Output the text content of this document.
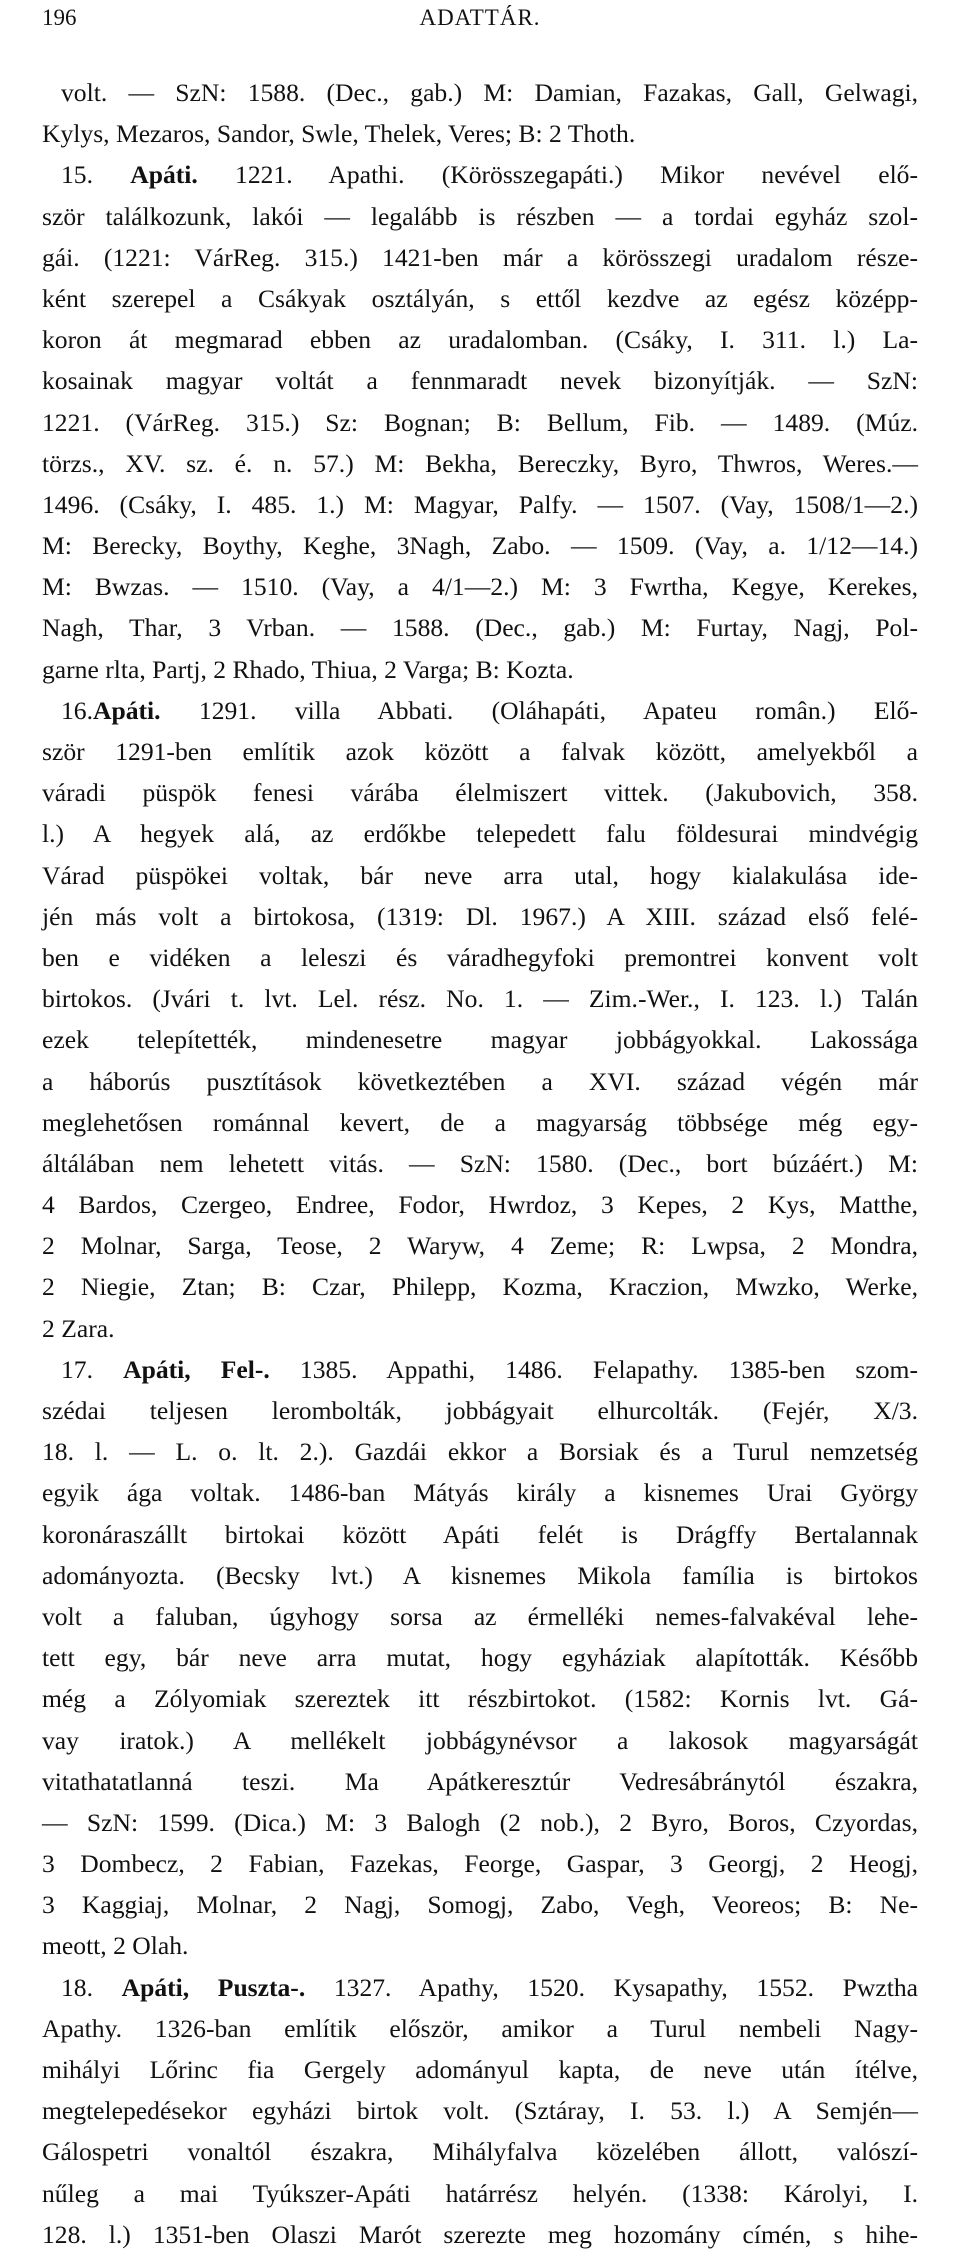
196	ADATTÁR.
volt. — SzN: 1588. (Dec., gab.) M: Damian, Fazakas, Gall, Gelwagi,
Kylys, Mezaros, Sandor, Swle, Thelek, Veres; B: 2 Thoth.
15. Apáti. 1221. Apathi. (Körösszegapáti.) Mikor nevével elő-
ször találkozunk, lakói — legalább is részben — a tordai egyház szol-
gái. (1221: VárReg. 315.) 1421-ben már a körösszegi uradalom része-
ként szerepel a Csákyak osztályán, s ettől kezdve az egész középp-
koron át megmarad ebben az uradalomban. (Csáky, I. 311. l.) La-
kosainak magyar voltát a fennmaradt nevek bizonyítják. — SzN:
1221. (VárReg. 315.) Sz: Bognan; B: Bellum, Fib. — 1489. (Múz.
törzs., XV. sz. é. n. 57.) M: Bekha, Bereczky, Byro, Thwros, Weres.—
1496. (Csáky, I. 485. 1.) M: Magyar, Palfy. — 1507. (Vay, 1508/1—2.)
M: Berecky, Boythy, Keghe, 3Nagh, Zabo. — 1509. (Vay, a. 1/12—14.)
M: Bwzas. — 1510. (Vay, a 4/1—2.) M: 3 Fwrtha, Kegye, Kerekes,
Nagh, Thar, 3 Vrban. — 1588. (Dec., gab.) M: Furtay, Nagj, Pol-
garne rlta, Partj, 2 Rhado, Thiua, 2 Varga; B: Kozta.
16.Apáti. 1291. villa Abbati. (Oláhapáti, Apateu român.) Elő-
ször 1291-ben említik azok között a falvak között, amelyekből a
váradi püspök fenesi várába élelmiszert vittek. (Jakubovich, 358.
l.) A hegyek alá, az erdőkbe telepedett falu földesurai mindvégig
Várad püspökei voltak, bár neve arra utal, hogy kialakulása ide-
jén más volt a birtokosa, (1319: Dl. 1967.) A XIII. század első felé-
ben e vidéken a leleszi és váradhegyfoki premontrei konvent volt
birtokos. (Jvári t. lvt. Lel. rész. No. 1. — Zim.-Wer., I. 123. l.) Talán
ezek telepítették, mindenesetre magyar jobbágyokkal. Lakossága
a háborús pusztítások következtében a XVI. század végén már
meglehetősen románnal kevert, de a magyarság többsége még egy-
áltálában nem lehetett vitás. — SzN: 1580. (Dec., bort búzáért.) M:
4 Bardos, Czergeo, Endree, Fodor, Hwrdoz, 3 Kepes, 2 Kys, Matthe,
2 Molnar, Sarga, Teose, 2 Waryw, 4 Zeme; R: Lwpsa, 2 Mondra,
2 Niegie, Ztan; B: Czar, Philepp, Kozma, Kraczion, Mwzko, Werke,
2 Zara.
17. Apáti, Fel-. 1385. Appathi, 1486. Felapathy. 1385-ben szom-
szédai teljesen lerombolták, jobbágyait elhurcolták. (Fejér, X/3.
18. l. — L. o. lt. 2.). Gazdái ekkor a Borsiak és a Turul nemzetség
egyik ága voltak. 1486-ban Mátyás király a kisnemes Urai György
koronáraszállt birtokai között Apáti felét is Drágffy Bertalannak
adományozta. (Becsky lvt.) A kisnemes Mikola família is birtokos
volt a faluban, úgyhogy sorsa az érmelléki nemes-falvakéval lehe-
tett egy, bár neve arra mutat, hogy egyháziak alapították. Később
még a Zólyomiak szereztek itt részbirtokot. (1582: Kornis lvt. Gá-
vay iratok.) A mellékelt jobbágynévsor a lakosok magyarságát
vitathatatlanná teszi. Ma Apátkeresztúr Vedresábránytól északra,
— SzN: 1599. (Dica.) M: 3 Balogh (2 nob.), 2 Byro, Boros, Czyordas,
3 Dombecz, 2 Fabian, Fazekas, Feorge, Gaspar, 3 Georgj, 2 Heogj,
3 Kaggiaj, Molnar, 2 Nagj, Somogj, Zabo, Vegh, Veoreos; B: Ne-
meott, 2 Olah.
18. Apáti, Puszta-. 1327. Apathy, 1520. Kysapathy, 1552. Pwztha
Apathy. 1326-ban említik először, amikor a Turul nembeli Nagy-
mihályi Lőrinc fia Gergely adományul kapta, de neve után ítélve,
megtelepedésekor egyházi birtok volt. (Sztáray, I. 53. l.) A Semjén—
Gálospetri vonaltól északra, Mihályfalva közelében állott, valószí-
nűleg a mai Tyúkszer-Apáti határrész helyén. (1338: Károlyi, I.
128. l.) 1351-ben Olaszi Marót szerezte meg hozomány címén, s hihe-
